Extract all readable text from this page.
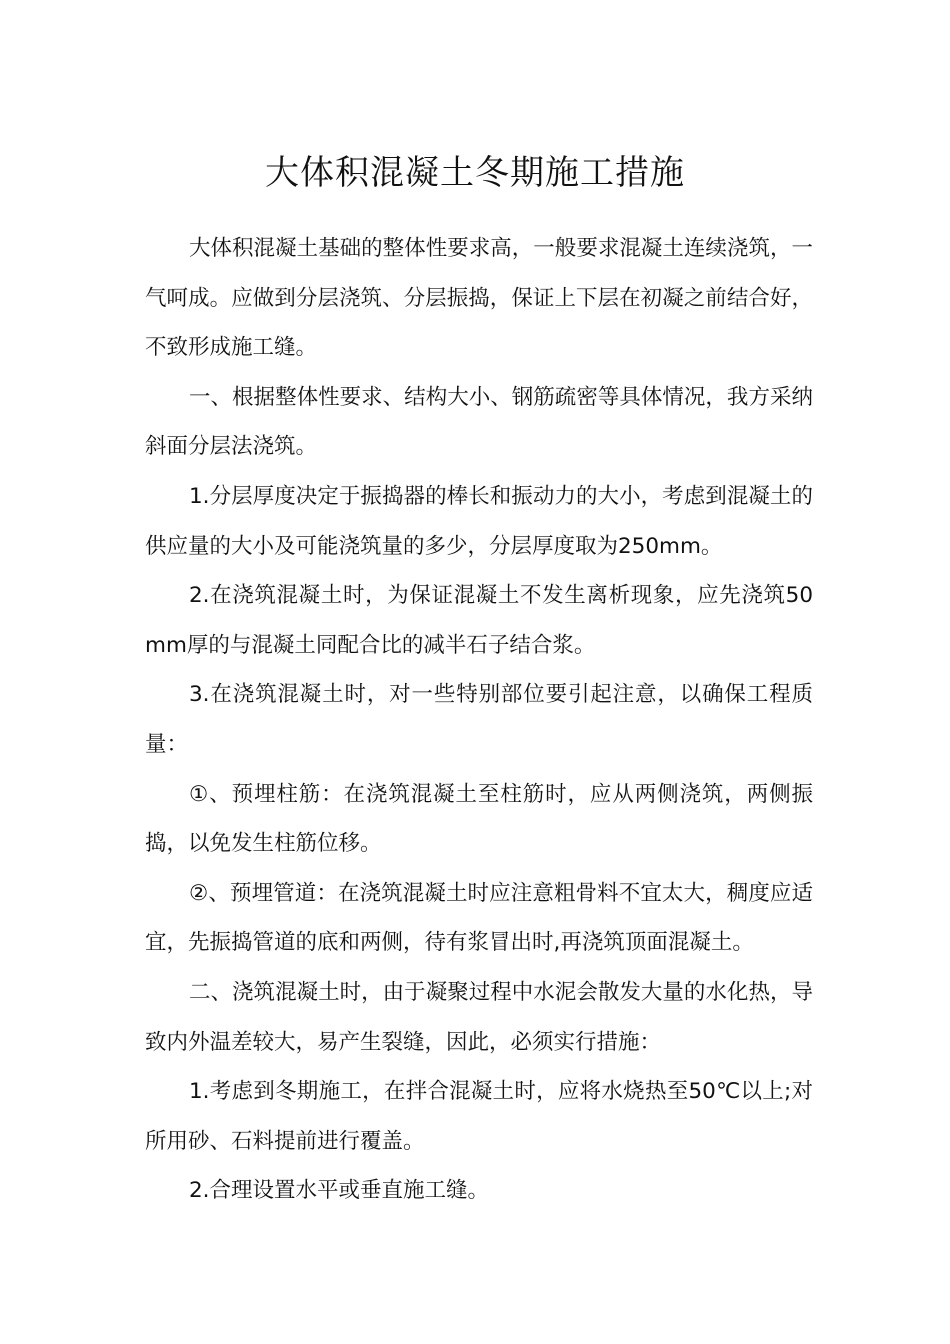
大体积混凝土冬期施工措施

大体积混凝土基础的整体性要求高，一般要求混凝土连续浇筑，一气呵成。应做到分层浇筑、分层振捣，保证上下层在初凝之前结合好，不致形成施工缝。

一、根据整体性要求、结构大小、钢筋疏密等具体情况，我方采纳斜面分层法浇筑。

1.分层厚度决定于振捣器的棒长和振动力的大小，考虑到混凝土的供应量的大小及可能浇筑量的多少，分层厚度取为250mm。

2.在浇筑混凝土时，为保证混凝土不发生离析现象，应先浇筑50mm厚的与混凝土同配合比的减半石子结合浆。

3.在浇筑混凝土时，对一些特别部位要引起注意，以确保工程质量：

①、预埋柱筋：在浇筑混凝土至柱筋时，应从两侧浇筑，两侧振捣，以免发生柱筋位移。

②、预埋管道：在浇筑混凝土时应注意粗骨料不宜太大，稠度应适宜，先振捣管道的底和两侧，待有浆冒出时,再浇筑顶面混凝土。

二、浇筑混凝土时，由于凝聚过程中水泥会散发大量的水化热，导致内外温差较大，易产生裂缝，因此，必须实行措施：

1.考虑到冬期施工，在拌合混凝土时，应将水烧热至50℃以上;对所用砂、石料提前进行覆盖。

2.合理设置水平或垂直施工缝。
